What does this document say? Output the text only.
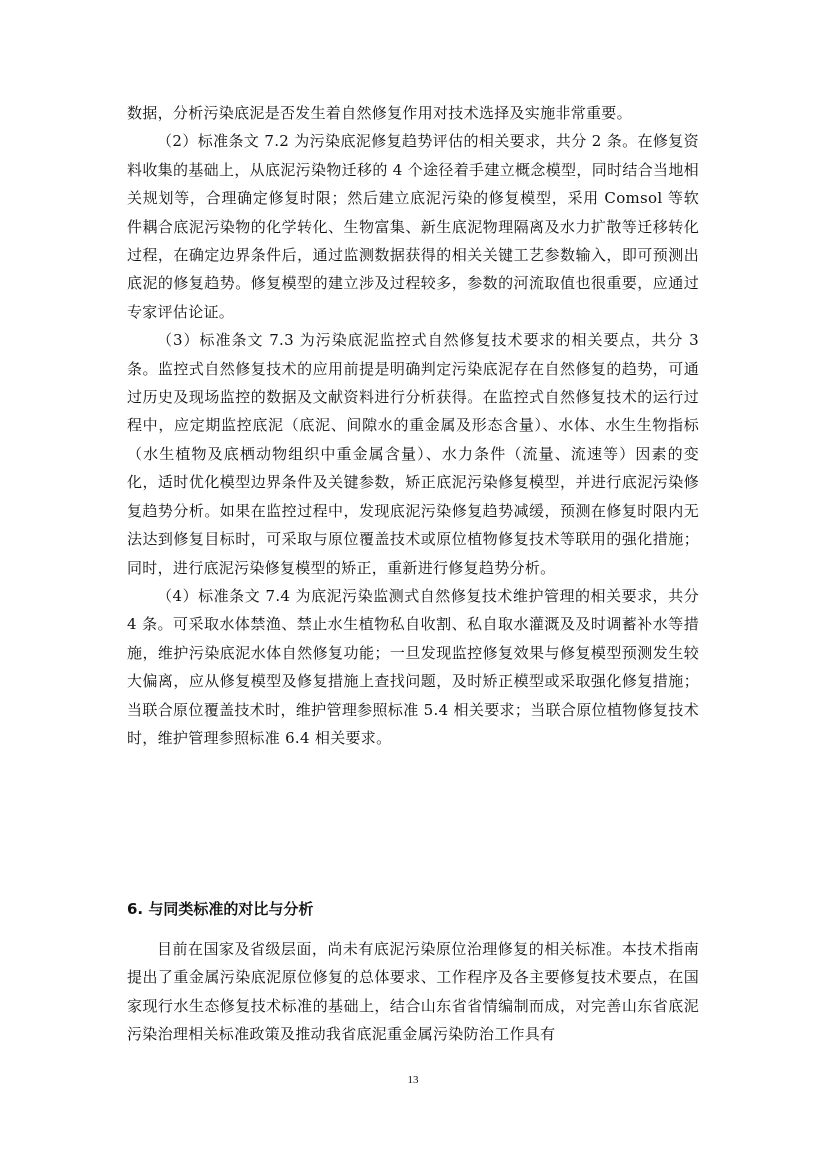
数据，分析污染底泥是否发生着自然修复作用对技术选择及实施非常重要。

（2）标准条文 7.2 为污染底泥修复趋势评估的相关要求，共分 2 条。在修复资料收集的基础上，从底泥污染物迁移的 4 个途径着手建立概念模型，同时结合当地相关规划等，合理确定修复时限；然后建立底泥污染的修复模型，采用 Comsol 等软件耦合底泥污染物的化学转化、生物富集、新生底泥物理隔离及水力扩散等迁移转化过程，在确定边界条件后，通过监测数据获得的相关关键工艺参数输入，即可预测出底泥的修复趋势。修复模型的建立涉及过程较多，参数的河流取值也很重要，应通过专家评估论证。

（3）标准条文 7.3 为污染底泥监控式自然修复技术要求的相关要点，共分 3 条。监控式自然修复技术的应用前提是明确判定污染底泥存在自然修复的趋势，可通过历史及现场监控的数据及文献资料进行分析获得。在监控式自然修复技术的运行过程中，应定期监控底泥（底泥、间隙水的重金属及形态含量）、水体、水生生物指标（水生植物及底栖动物组织中重金属含量）、水力条件（流量、流速等）因素的变化，适时优化模型边界条件及关键参数，矫正底泥污染修复模型，并进行底泥污染修复趋势分析。如果在监控过程中，发现底泥污染修复趋势减缓，预测在修复时限内无法达到修复目标时，可采取与原位覆盖技术或原位植物修复技术等联用的强化措施；同时，进行底泥污染修复模型的矫正，重新进行修复趋势分析。

（4）标准条文 7.4 为底泥污染监测式自然修复技术维护管理的相关要求，共分 4 条。可采取水体禁渔、禁止水生植物私自收割、私自取水灌溉及及时调蓄补水等措施，维护污染底泥水体自然修复功能；一旦发现监控修复效果与修复模型预测发生较大偏离，应从修复模型及修复措施上查找问题，及时矫正模型或采取强化修复措施；当联合原位覆盖技术时，维护管理参照标准 5.4 相关要求；当联合原位植物修复技术时，维护管理参照标准 6.4 相关要求。

6. 与同类标准的对比与分析

目前在国家及省级层面，尚未有底泥污染原位治理修复的相关标准。本技术指南提出了重金属污染底泥原位修复的总体要求、工作程序及各主要修复技术要点，在国家现行水生态修复技术标准的基础上，结合山东省省情编制而成，对完善山东省底泥污染治理相关标准政策及推动我省底泥重金属污染防治工作具有

13
